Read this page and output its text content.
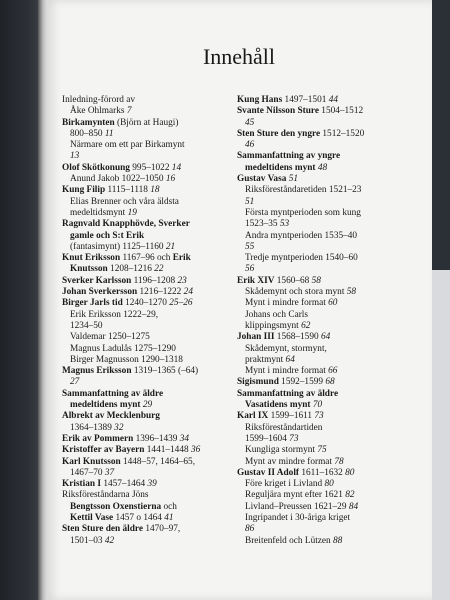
Innehåll
Inledning-förord av
Åke Ohlmarks 7
Birkamynten (Björn at Haugi)
800–850 11
Närmare om ett par Birkamynt
13
Olof Skötkonung 995–1022 14
Anund Jakob 1022–1050 16
Kung Filip 1115–1118 18
Elias Brenner och våra äldsta
medeltidsmynt 19
Ragnvald Knapphövde, Sverker
gamle och S:t Erik
(fantasimynt) 1125–1160 21
Knut Eriksson 1167–96 och Erik
Knutsson 1208–1216 22
Sverker Karlsson 1196–1208 23
Johan Sverkersson 1216–1222 24
Birger Jarls tid 1240–1270 25–26
Erik Eriksson 1222–29,
1234–50
Valdemar 1250–1275
Magnus Ladulås 1275–1290
Birger Magnusson 1290–1318
Magnus Eriksson 1319–1365 (–64)
27
Sammanfattning av äldre
medeltidens mynt 29
Albrekt av Mecklenburg
1364–1389 32
Erik av Pommern 1396–1439 34
Kristoffer av Bayern 1441–1448 36
Karl Knutsson 1448–57, 1464–65,
1467–70 37
Kristian I 1457–1464 39
Riksföreståndarna Jöns
Bengtsson Oxenstierna och
Kettil Vase 1457 o 1464 41
Sten Sture den äldre 1470–97,
1501–03 42
Kung Hans 1497–1501 44
Svante Nilsson Sture 1504–1512
45
Sten Sture den yngre 1512–1520
46
Sammanfattning av yngre
medeltidens mynt 48
Gustav Vasa 51
Riksföreståndaretiden 1521–23
51
Första myntperioden som kung
1523–35 53
Andra myntperioden 1535–40
55
Tredje myntperioden 1540–60
56
Erik XIV 1560–68 58
Skådemynt och stora mynt 58
Mynt i mindre format 60
Johans och Carls
klippingsmynt 62
Johan III 1568–1590 64
Skådemynt, stormynt,
praktmynt 64
Mynt i mindre format 66
Sigismund 1592–1599 68
Sammanfattning av äldre
Vasatidens mynt 70
Karl IX 1599–1611 73
Riksföreståndartiden
1599–1604 73
Kungliga stormynt 75
Mynt av mindre format 78
Gustav II Adolf 1611–1632 80
Före kriget i Livland 80
Reguljära mynt efter 1621 82
Livland–Preussen 1621–29 84
Ingripandet i 30-åriga kriget
86
Breitenfeld och Lützen 88
